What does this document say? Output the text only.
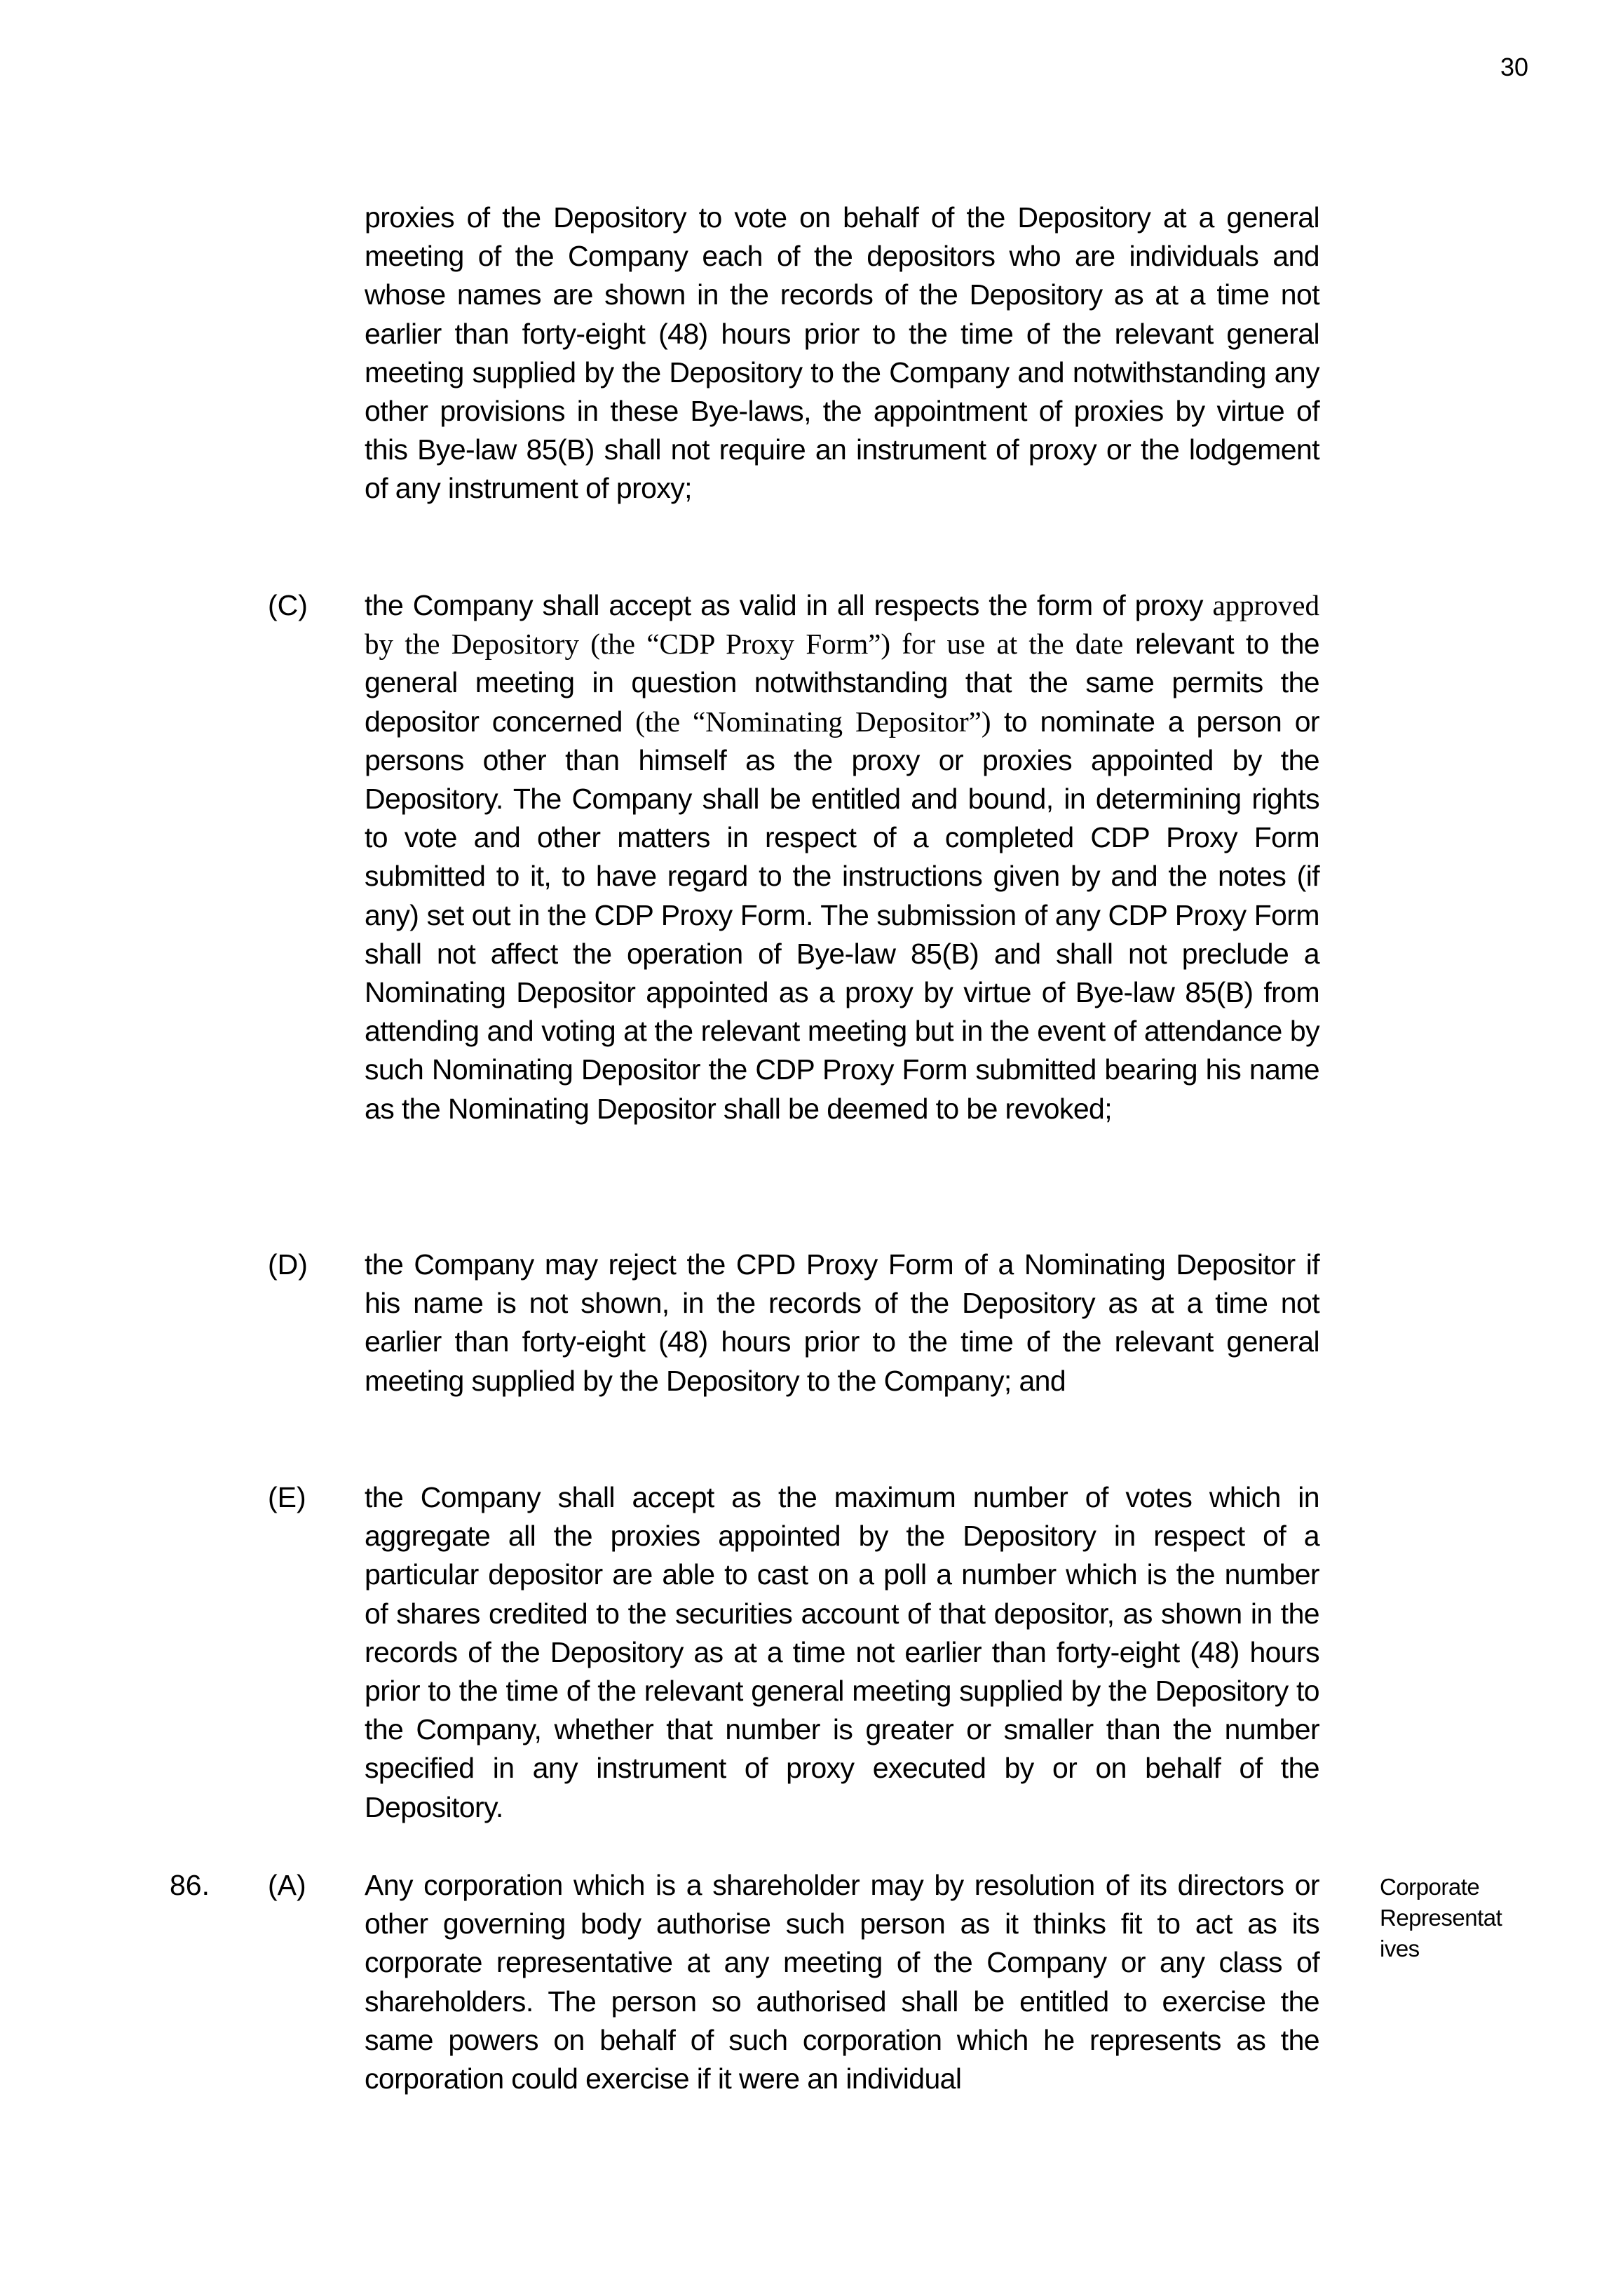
30
proxies of the Depository to vote on behalf of the Depository at a general meeting of the Company each of the depositors who are individuals and whose names are shown in the records of the Depository as at a time not earlier than forty-eight (48) hours prior to the time of the relevant general meeting supplied by the Depository to the Company and notwithstanding any other provisions in these Bye-laws, the appointment of proxies by virtue of this Bye-law 85(B) shall not require an instrument of proxy or the lodgement of any instrument of proxy;
(C) the Company shall accept as valid in all respects the form of proxy approved by the Depository (the “CDP Proxy Form”) for use at the date relevant to the general meeting in question notwithstanding that the same permits the depositor concerned (the “Nominating Depositor”) to nominate a person or persons other than himself as the proxy or proxies appointed by the Depository. The Company shall be entitled and bound, in determining rights to vote and other matters in respect of a completed CDP Proxy Form submitted to it, to have regard to the instructions given by and the notes (if any) set out in the CDP Proxy Form. The submission of any CDP Proxy Form shall not affect the operation of Bye-law 85(B) and shall not preclude a Nominating Depositor appointed as a proxy by virtue of Bye-law 85(B) from attending and voting at the relevant meeting but in the event of attendance by such Nominating Depositor the CDP Proxy Form submitted bearing his name as the Nominating Depositor shall be deemed to be revoked;
(D) the Company may reject the CPD Proxy Form of a Nominating Depositor if his name is not shown, in the records of the Depository as at a time not earlier than forty-eight (48) hours prior to the time of the relevant general meeting supplied by the Depository to the Company; and
(E) the Company shall accept as the maximum number of votes which in aggregate all the proxies appointed by the Depository in respect of a particular depositor are able to cast on a poll a number which is the number of shares credited to the securities account of that depositor, as shown in the records of the Depository as at a time not earlier than forty-eight (48) hours prior to the time of the relevant general meeting supplied by the Depository to the Company, whether that number is greater or smaller than the number specified in any instrument of proxy executed by or on behalf of the Depository.
86. (A) Any corporation which is a shareholder may by resolution of its directors or other governing body authorise such person as it thinks fit to act as its corporate representative at any meeting of the Company or any class of shareholders. The person so authorised shall be entitled to exercise the same powers on behalf of such corporation which he represents as the corporation could exercise if it were an individual
Corporate
Representat
ives
